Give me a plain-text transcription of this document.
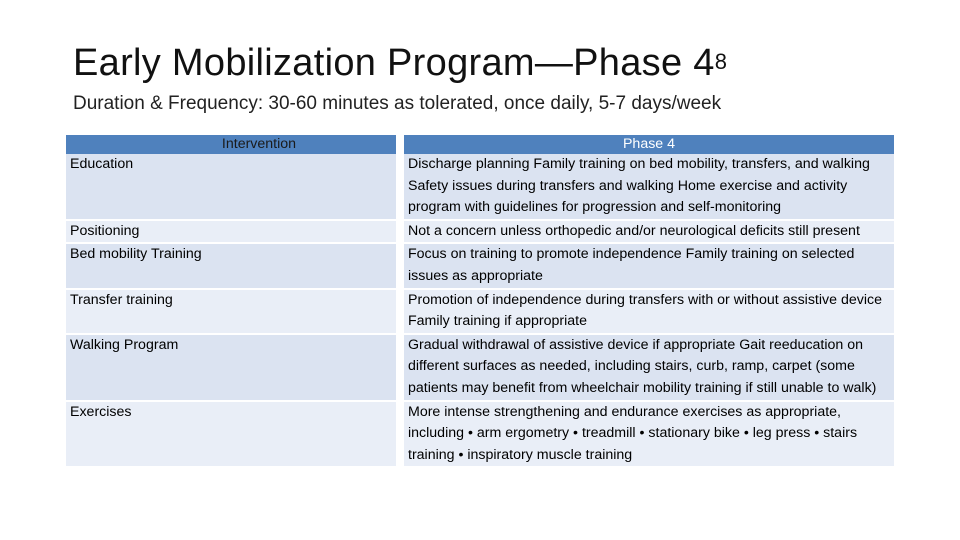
Early Mobilization Program—Phase $4^8$
Duration & Frequency: 30-60 minutes as tolerated, once daily, 5-7 days/week
Intervention	Phase 4
Education	Discharge planning Family training on bed mobility, transfers, and walking Safety issues during transfers and walking Home exercise and activity program with guidelines for progression and self-monitoring
Positioning	Not a concern unless orthopedic and/or neurological deficits still present
Bed mobility Training	Focus on training to promote independence Family training on selected issues as appropriate
Transfer training	Promotion of independence during transfers with or without assistive device Family training if appropriate
Walking Program	Gradual withdrawal of assistive device if appropriate Gait reeducation on different surfaces as needed, including stairs, curb, ramp, carpet (some patients may benefit from wheelchair mobility training if still unable to walk)
Exercises	More intense strengthening and endurance exercises as appropriate, including • arm ergometry • treadmill • stationary bike • leg press • stairs training • inspiratory muscle training
